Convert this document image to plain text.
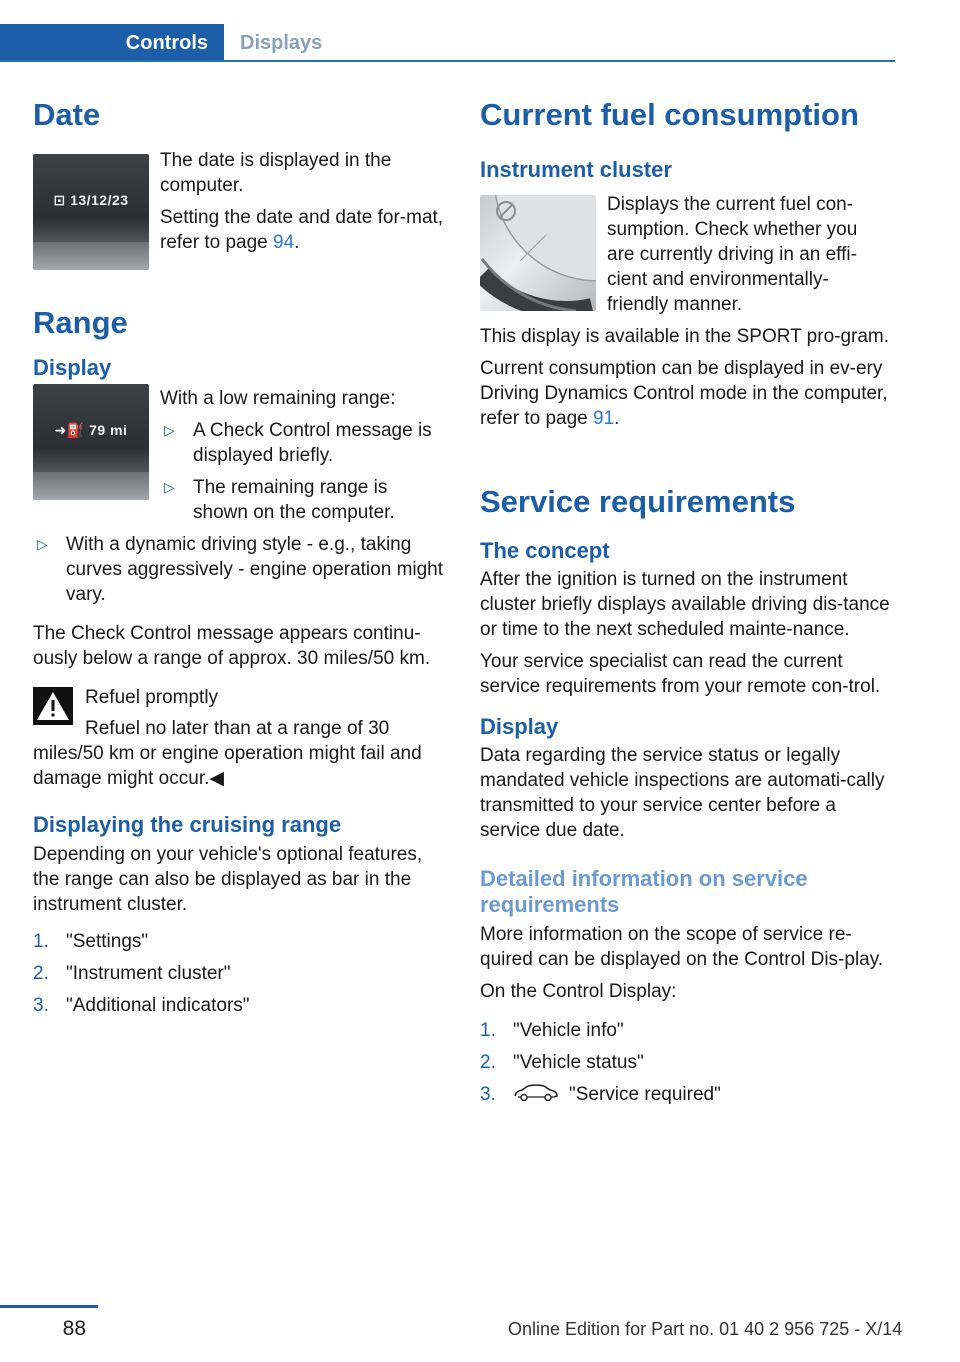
Controls	Displays
Date
⊡ 13/12/23

The date is displayed in the computer.

Setting the date and date for‐mat, refer to page 94.

Range
Display
➜⛽ 79 mi

With a low remaining range:

▷ A Check Control message is displayed briefly.
▷ The remaining range is shown on the computer.
▷ With a dynamic driving style - e.g., taking curves aggressively - engine operation might vary.

The Check Control message appears continu‐ously below a range of approx. 30 miles/50 km.

Refuel promptly

Refuel no later than at a range of 30 miles/50 km or engine operation might fail and damage might occur.◀

Displaying the cruising range

Depending on your vehicle's optional features, the range can also be displayed as bar in the instrument cluster.

1. "Settings"
2. "Instrument cluster"
3. "Additional indicators"
Current fuel consumption
Instrument cluster

Displays the current fuel con‐sumption. Check whether you are currently driving in an effi‐cient and environmentally-friendly manner.

This display is available in the SPORT pro‐gram.

Current consumption can be displayed in ev‐ery Driving Dynamics Control mode in the computer, refer to page 91.

Service requirements
The concept

After the ignition is turned on the instrument cluster briefly displays available driving dis‐tance or time to the next scheduled mainte‐nance.

Your service specialist can read the current service requirements from your remote con‐trol.

Display

Data regarding the service status or legally mandated vehicle inspections are automati‐cally transmitted to your service center before a service due date.

Detailed information on service requirements

More information on the scope of service re‐quired can be displayed on the Control Dis‐play.

On the Control Display:

1. "Vehicle info"
2. "Vehicle status"
3.	"Service required"
88	Online Edition for Part no. 01 40 2 956 725 - X/14
